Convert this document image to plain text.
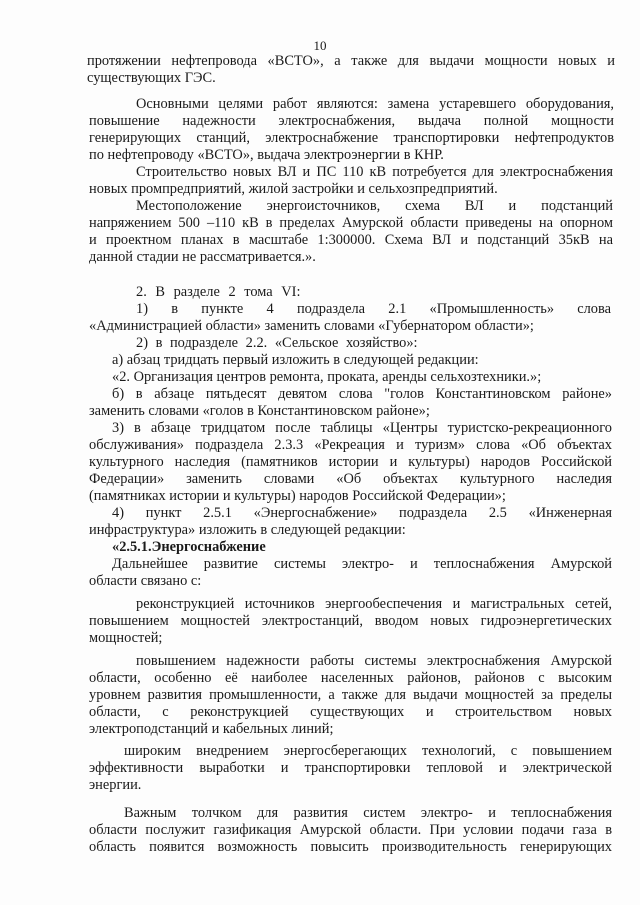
10
протяжении нефтепровода «ВСТО», а также для выдачи мощности новых и
существующих ГЭС.
Основными целями работ являются: замена устаревшего оборудования,
повышение надежности электроснабжения, выдача полной мощности
генерирующих станций, электроснабжение транспортировки нефтепродуктов
по нефтепроводу «ВСТО», выдача электроэнергии в КНР.
Строительство новых ВЛ и ПС 110 кВ потребуется для электроснабжения
новых промпредприятий, жилой застройки и сельхозпредприятий.
Местоположение энергоисточников, схема ВЛ и подстанций
напряжением 500 –110 кВ в пределах Амурской области приведены на опорном
и проектном планах в масштабе 1:300000. Схема ВЛ и подстанций 35кВ на
данной стадии не рассматривается.».
2. В разделе 2 тома VI:
1) в пункте 4 подраздела 2.1 «Промышленность» слова
«Администрацией области» заменить словами «Губернатором области»;
2) в подразделе 2.2. «Сельское хозяйство»:
а) абзац тридцать первый изложить в следующей редакции:
«2. Организация центров ремонта, проката, аренды сельхозтехники.»;
б) в абзаце пятьдесят девятом слова "голов Константиновском районе»
заменить словами «голов в Константиновском районе»;
3) в абзаце тридцатом после таблицы «Центры туристско-рекреационного
обслуживания» подраздела 2.3.3 «Рекреация и туризм» слова «Об объектах
культурного наследия (памятников истории и культуры) народов Российской
Федерации» заменить словами «Об объектах культурного наследия
(памятниках истории и культуры) народов Российской Федерации»;
4) пункт 2.5.1 «Энергоснабжение» подраздела 2.5 «Инженерная
инфраструктура» изложить в следующей редакции:
«2.5.1.Энергоснабжение
Дальнейшее развитие системы электро- и теплоснабжения Амурской
области связано с:
реконструкцией источников энергообеспечения и магистральных сетей,
повышением мощностей электростанций, вводом новых гидроэнергетических
мощностей;
повышением надежности работы системы электроснабжения Амурской
области, особенно её наиболее населенных районов, районов с высоким
уровнем развития промышленности, а также для выдачи мощностей за пределы
области, с реконструкцией существующих и строительством новых
электроподстанций и кабельных линий;
широким внедрением энергосберегающих технологий, с повышением
эффективности выработки и транспортировки тепловой и электрической
энергии.
Важным толчком для развития систем электро- и теплоснабжения
области послужит газификация Амурской области. При условии подачи газа в
область появится возможность повысить производительность генерирующих
